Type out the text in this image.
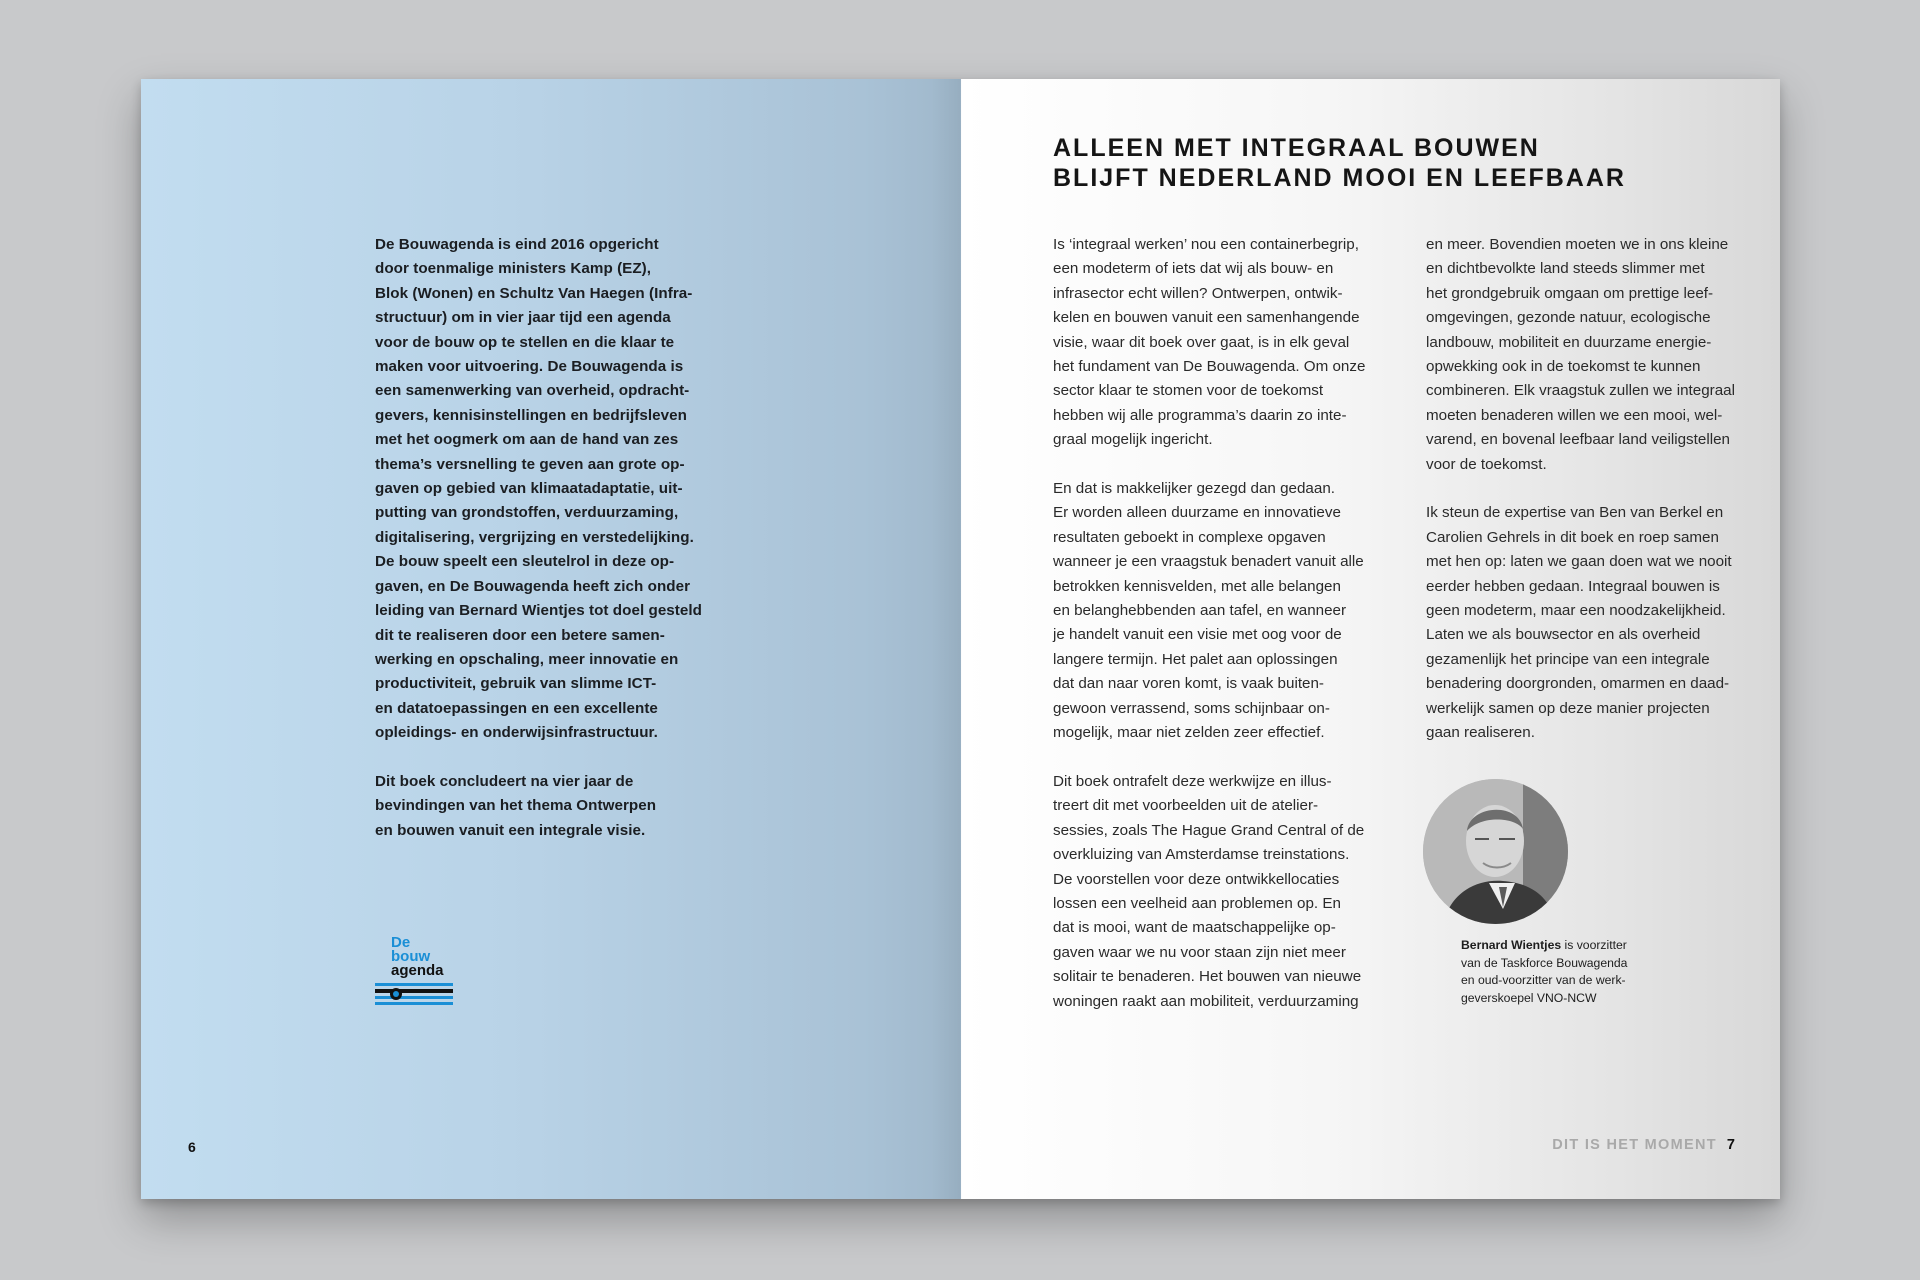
De Bouwagenda is eind 2016 opgericht
door toenmalige ministers Kamp (EZ),
Blok (Wonen) en Schultz Van Haegen (Infra-
structuur) om in vier jaar tijd een agenda
voor de bouw op te stellen en die klaar te
maken voor uitvoering. De Bouwagenda is
een samenwerking van overheid, opdracht-
gevers, kennisinstellingen en bedrijfsleven
met het oogmerk om aan de hand van zes
thema’s versnelling te geven aan grote op-
gaven op gebied van klimaatadaptatie, uit-
putting van grondstoffen, verduurzaming,
digitalisering, vergrijzing en verstedelijking.
De bouw speelt een sleutelrol in deze op-
gaven, en De Bouwagenda heeft zich onder
leiding van Bernard Wientjes tot doel gesteld
dit te realiseren door een betere samen-
werking en opschaling, meer innovatie en
productiviteit, gebruik van slimme ICT-
en datatoepassingen en een excellente
opleidings- en onderwijsinfrastructuur.

Dit boek concludeert na vier jaar de
bevindingen van het thema Ontwerpen
en bouwen vanuit een integrale visie.

De
bouw
agenda
6
ALLEEN MET INTEGRAAL BOUWEN
BLIJFT NEDERLAND MOOI EN LEEFBAAR

Is ‘integraal werken’ nou een containerbegrip,
een modeterm of iets dat wij als bouw- en
infrasector echt willen? Ontwerpen, ontwik-
kelen en bouwen vanuit een samenhangende
visie, waar dit boek over gaat, is in elk geval
het fundament van De Bouwagenda. Om onze
sector klaar te stomen voor de toekomst
hebben wij alle programma’s daarin zo inte-
graal mogelijk ingericht.

En dat is makkelijker gezegd dan gedaan.
Er worden alleen duurzame en innovatieve
resultaten geboekt in complexe opgaven
wanneer je een vraagstuk benadert vanuit alle
betrokken kennisvelden, met alle belangen
en belanghebbenden aan tafel, en wanneer
je handelt vanuit een visie met oog voor de
langere termijn. Het palet aan oplossingen
dat dan naar voren komt, is vaak buiten-
gewoon verrassend, soms schijnbaar on-
mogelijk, maar niet zelden zeer effectief.

Dit boek ontrafelt deze werkwijze en illus-
treert dit met voorbeelden uit de atelier-
sessies, zoals The Hague Grand Central of de
overkluizing van Amsterdamse treinstations.
De voorstellen voor deze ontwikkellocaties
lossen een veelheid aan problemen op. En
dat is mooi, want de maatschappelijke op-
gaven waar we nu voor staan zijn niet meer
solitair te benaderen. Het bouwen van nieuwe
woningen raakt aan mobiliteit, verduurzaming

en meer. Bovendien moeten we in ons kleine
en dichtbevolkte land steeds slimmer met
het grondgebruik omgaan om prettige leef-
omgevingen, gezonde natuur, ecologische
landbouw, mobiliteit en duurzame energie-
opwekking ook in de toekomst te kunnen
combineren. Elk vraagstuk zullen we integraal
moeten benaderen willen we een mooi, wel-
varend, en bovenal leefbaar land veiligstellen
voor de toekomst.

Ik steun de expertise van Ben van Berkel en
Carolien Gehrels in dit boek en roep samen
met hen op: laten we gaan doen wat we nooit
eerder hebben gedaan. Integraal bouwen is
geen modeterm, maar een noodzakelijkheid.
Laten we als bouwsector en als overheid
gezamenlijk het principe van een integrale
benadering doorgronden, omarmen en daad-
werkelijk samen op deze manier projecten
gaan realiseren.

Bernard Wientjes is voorzitter
van de Taskforce Bouwagenda
en oud-voorzitter van de werk-
geverskoepel VNO-NCW
DIT IS HET MOMENT 7
